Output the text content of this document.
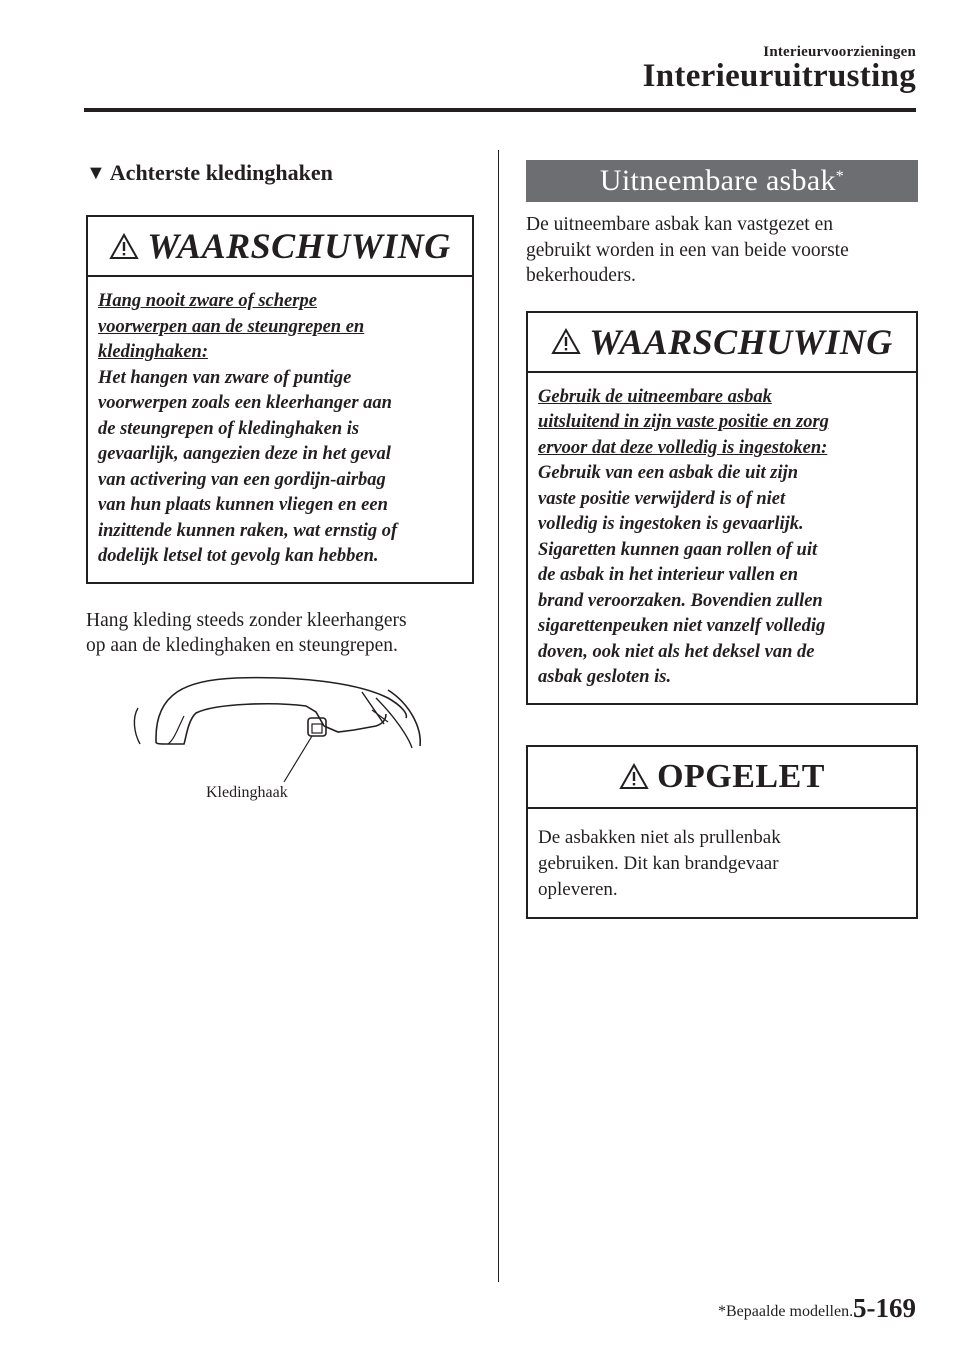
Interieurvoorzieningen
Interieuruitrusting
▼ Achterste kledinghaken
WAARSCHUWING
Hang nooit zware of scherpe
voorwerpen aan de steungrepen en
kledinghaken:
Het hangen van zware of puntige
voorwerpen zoals een kleerhanger aan
de steungrepen of kledinghaken is
gevaarlijk, aangezien deze in het geval
van activering van een gordijn-airbag
van hun plaats kunnen vliegen en een
inzittende kunnen raken, wat ernstig of
dodelijk letsel tot gevolg kan hebben.
Hang kleding steeds zonder kleerhangers
op aan de kledinghaken en steungrepen.
Kledinghaak
Uitneembare asbak*
De uitneembare asbak kan vastgezet en
gebruikt worden in een van beide voorste
bekerhouders.
WAARSCHUWING
Gebruik de uitneembare asbak
uitsluitend in zijn vaste positie en zorg
ervoor dat deze volledig is ingestoken:
Gebruik van een asbak die uit zijn
vaste positie verwijderd is of niet
volledig is ingestoken is gevaarlijk.
Sigaretten kunnen gaan rollen of uit
de asbak in het interieur vallen en
brand veroorzaken. Bovendien zullen
sigarettenpeuken niet vanzelf volledig
doven, ook niet als het deksel van de
asbak gesloten is.
OPGELET
De asbakken niet als prullenbak
gebruiken. Dit kan brandgevaar
opleveren.
*Bepaalde modellen. 5-169
